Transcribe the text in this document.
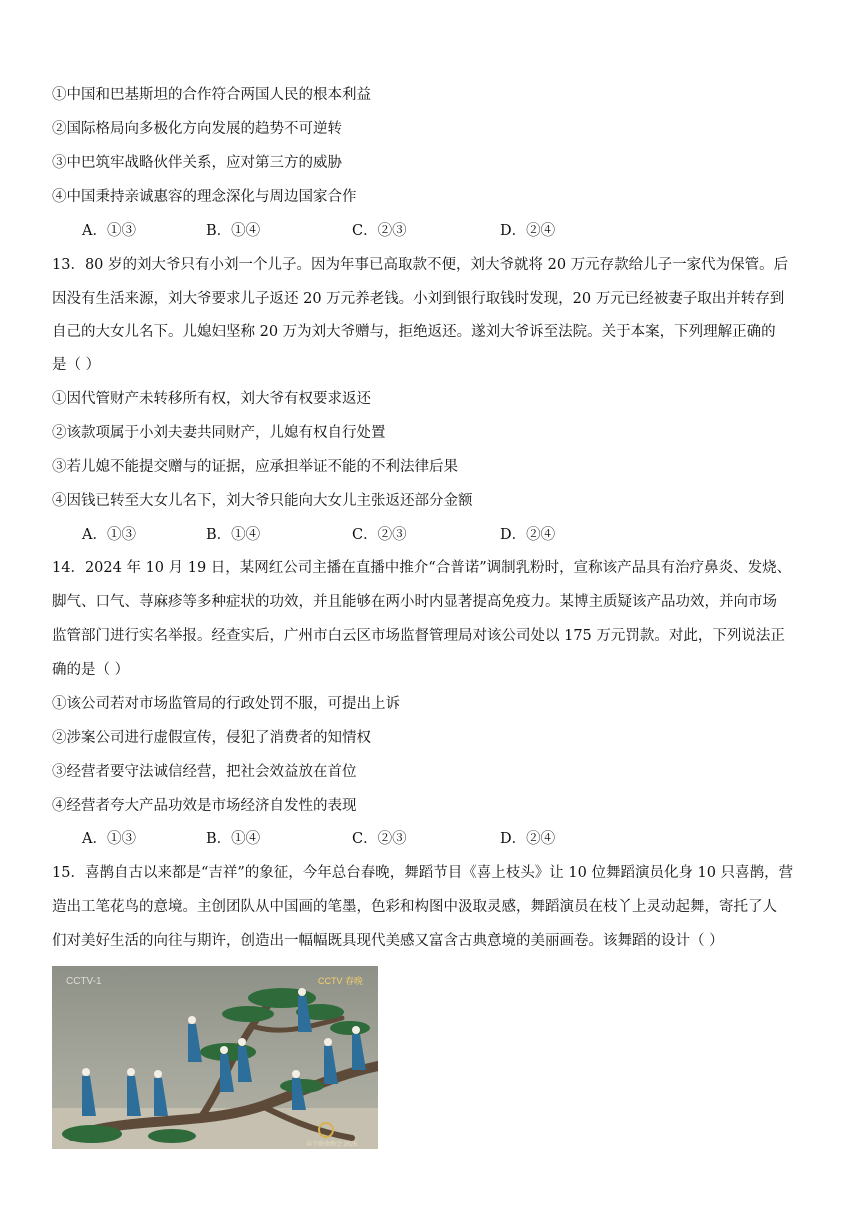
①中国和巴基斯坦的合作符合两国人民的根本利益
②国际格局向多极化方向发展的趋势不可逆转
③中巴筑牢战略伙伴关系，应对第三方的威胁
④中国秉持亲诚惠容的理念深化与周边国家合作
A．①③	B．①④	C．②③	D．②④
13．80 岁的刘大爷只有小刘一个儿子。因为年事已高取款不便，刘大爷就将 20 万元存款给儿子一家代为保管。后
因没有生活来源，刘大爷要求儿子返还 20 万元养老钱。小刘到银行取钱时发现，20 万元已经被妻子取出并转存到
自己的大女儿名下。儿媳妇坚称 20 万为刘大爷赠与，拒绝返还。遂刘大爷诉至法院。关于本案，下列理解正确的
是（ ）
①因代管财产未转移所有权，刘大爷有权要求返还
②该款项属于小刘夫妻共同财产，儿媳有权自行处置
③若儿媳不能提交赠与的证据，应承担举证不能的不利法律后果
④因钱已转至大女儿名下，刘大爷只能向大女儿主张返还部分金额
A．①③	B．①④	C．②③	D．②④
14．2024 年 10 月 19 日，某网红公司主播在直播中推介“合普诺”调制乳粉时，宣称该产品具有治疗鼻炎、发烧、
脚气、口气、荨麻疹等多种症状的功效，并且能够在两小时内显著提高免疫力。某博主质疑该产品功效，并向市场
监管部门进行实名举报。经查实后，广州市白云区市场监督管理局对该公司处以 175 万元罚款。对此，下列说法正
确的是（ ）
①该公司若对市场监管局的行政处罚不服，可提出上诉
②涉案公司进行虚假宣传，侵犯了消费者的知情权
③经营者要守法诚信经营，把社会效益放在首位
④经营者夸大产品功效是市场经济自发性的表现
A．①③	B．①④	C．②③	D．②④
15．喜鹊自古以来都是“吉祥”的象征，今年总台春晚，舞蹈节目《喜上枝头》让 10 位舞蹈演员化身 10 只喜鹊，营
造出工笔花鸟的意境。主创团队从中国画的笔墨，色彩和构图中汲取灵感，舞蹈演员在枝丫上灵动起舞，寄托了人
们对美好生活的向往与期许，创造出一幅幅既具现代美感又富含古典意境的美丽画卷。该舞蹈的设计（ ）
CCTV-1	CCTV 春晚
春节联欢晚会 2025
